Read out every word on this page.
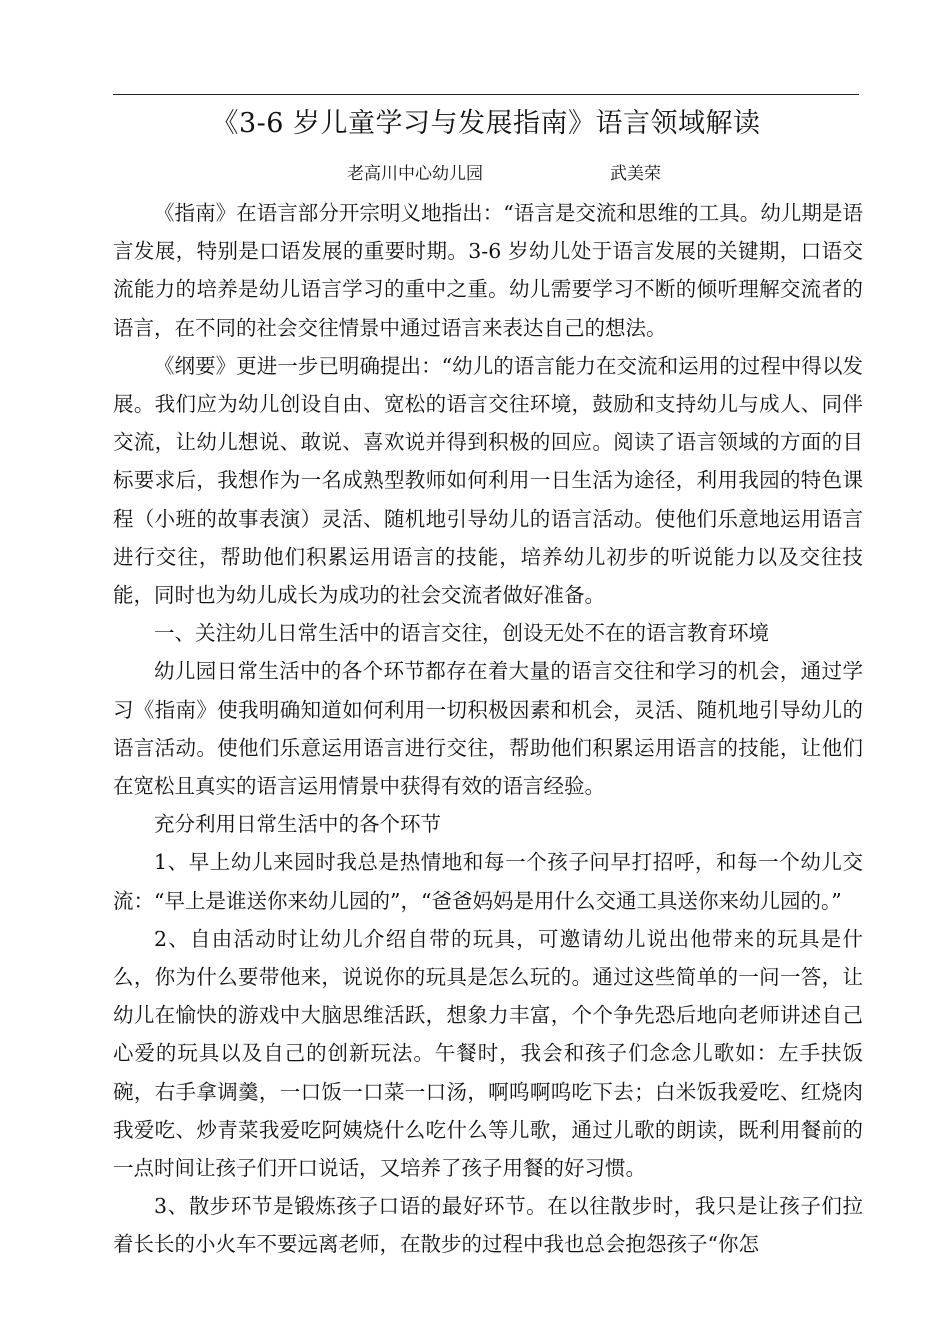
《3-6 岁儿童学习与发展指南》语言领域解读
老高川中心幼儿园	武美荣

《指南》在语言部分开宗明义地指出：“语言是交流和思维的工具。幼儿期是语言发展，特别是口语发展的重要时期。3-6 岁幼儿处于语言发展的关键期，口语交流能力的培养是幼儿语言学习的重中之重。幼儿需要学习不断的倾听理解交流者的语言，在不同的社会交往情景中通过语言来表达自己的想法。

《纲要》更进一步已明确提出：“幼儿的语言能力在交流和运用的过程中得以发展。我们应为幼儿创设自由、宽松的语言交往环境，鼓励和支持幼儿与成人、同伴交流，让幼儿想说、敢说、喜欢说并得到积极的回应。阅读了语言领域的方面的目标要求后，我想作为一名成熟型教师如何利用一日生活为途径，利用我园的特色课程（小班的故事表演）灵活、随机地引导幼儿的语言活动。使他们乐意地运用语言进行交往，帮助他们积累运用语言的技能，培养幼儿初步的听说能力以及交往技能，同时也为幼儿成长为成功的社会交流者做好准备。

一、关注幼儿日常生活中的语言交往，创设无处不在的语言教育环境

幼儿园日常生活中的各个环节都存在着大量的语言交往和学习的机会，通过学习《指南》使我明确知道如何利用一切积极因素和机会，灵活、随机地引导幼儿的语言活动。使他们乐意运用语言进行交往，帮助他们积累运用语言的技能，让他们在宽松且真实的语言运用情景中获得有效的语言经验。

充分利用日常生活中的各个环节

1、早上幼儿来园时我总是热情地和每一个孩子问早打招呼，和每一个幼儿交流：“早上是谁送你来幼儿园的”，“爸爸妈妈是用什么交通工具送你来幼儿园的。”

2、自由活动时让幼儿介绍自带的玩具，可邀请幼儿说出他带来的玩具是什么，你为什么要带他来，说说你的玩具是怎么玩的。通过这些简单的一问一答，让幼儿在愉快的游戏中大脑思维活跃，想象力丰富，个个争先恐后地向老师讲述自己心爱的玩具以及自己的创新玩法。午餐时，我会和孩子们念念儿歌如：左手扶饭碗，右手拿调羹，一口饭一口菜一口汤，啊呜啊呜吃下去；白米饭我爱吃、红烧肉我爱吃、炒青菜我爱吃阿姨烧什么吃什么等儿歌，通过儿歌的朗读，既利用餐前的一点时间让孩子们开口说话，又培养了孩子用餐的好习惯。

3、散步环节是锻炼孩子口语的最好环节。在以往散步时，我只是让孩子们拉着长长的小火车不要远离老师，在散步的过程中我也总会抱怨孩子“你怎
